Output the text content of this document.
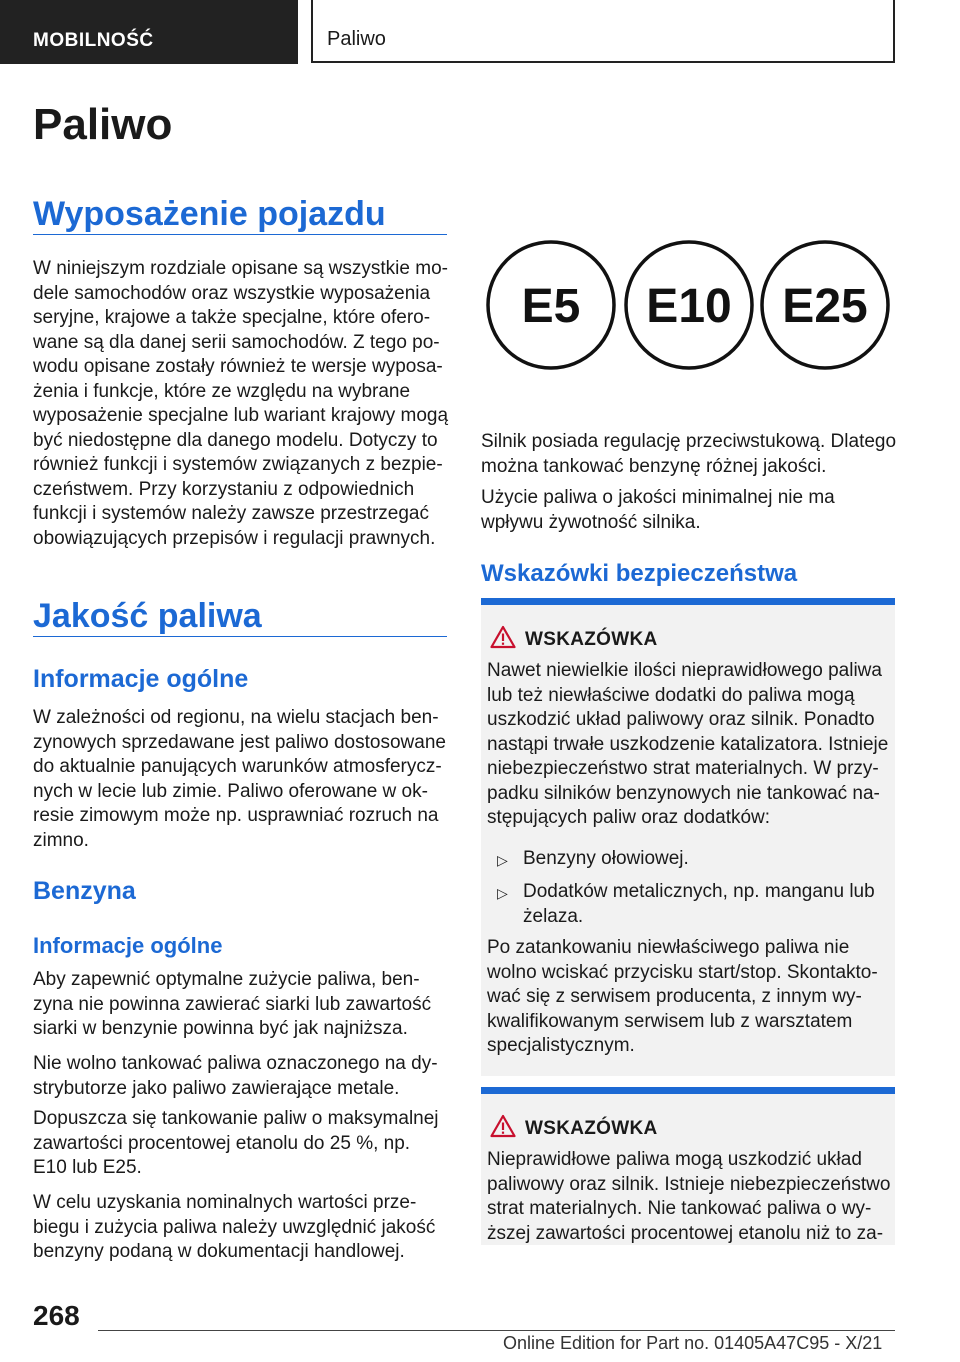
MOBILNOŚĆ	Paliwo
Paliwo
Wyposażenie pojazdu

W niniejszym rozdziale opisane są wszystkie mo-
dele samochodów oraz wszystkie wyposażenia
seryjne, krajowe a także specjalne, które ofero-
wane są dla danej serii samochodów. Z tego po-
wodu opisane zostały również te wersje wyposa-
żenia i funkcje, które ze względu na wybrane
wyposażenie specjalne lub wariant krajowy mogą
być niedostępne dla danego modelu. Dotyczy to
również funkcji i systemów związanych z bezpie-
czeństwem. Przy korzystaniu z odpowiednich
funkcji i systemów należy zawsze przestrzegać
obowiązujących przepisów i regulacji prawnych.

Jakość paliwa
Informacje ogólne

W zależności od regionu, na wielu stacjach ben-
zynowych sprzedawane jest paliwo dostosowane
do aktualnie panujących warunków atmosferycz-
nych w lecie lub zimie. Paliwo oferowane w ok-
resie zimowym może np. usprawniać rozruch na
zimno.

Benzyna
Informacje ogólne

Aby zapewnić optymalne zużycie paliwa, ben-
zyna nie powinna zawierać siarki lub zawartość
siarki w benzynie powinna być jak najniższa.

Nie wolno tankować paliwa oznaczonego na dy-
strybutorze jako paliwo zawierające metale.

Dopuszcza się tankowanie paliw o maksymalnej
zawartości procentowej etanolu do 25 %, np.
E10 lub E25.

W celu uzyskania nominalnych wartości prze-
biegu i zużycia paliwa należy uwzględnić jakość
benzyny podaną w dokumentacji handlowej.

E5 E10 E25

Silnik posiada regulację przeciwstukową. Dlatego
można tankować benzynę różnej jakości.

Użycie paliwa o jakości minimalnej nie ma
wpływu żywotność silnika.

Wskazówki bezpieczeństwa
WSKAZÓWKA

Nawet niewielkie ilości nieprawidłowego paliwa
lub też niewłaściwe dodatki do paliwa mogą
uszkodzić układ paliwowy oraz silnik. Ponadto
nastąpi trwałe uszkodzenie katalizatora. Istnieje
niebezpieczeństwo strat materialnych. W przy-
padku silników benzynowych nie tankować na-
stępujących paliw oraz dodatków:

▷ Benzyny ołowiowej.

▷ Dodatków metalicznych, np. manganu lub
żelaza.

Po zatankowaniu niewłaściwego paliwa nie
wolno wciskać przycisku start/stop. Skontakto-
wać się z serwisem producenta, z innym wy-
kwalifikowanym serwisem lub z warsztatem
specjalistycznym.

WSKAZÓWKA

Nieprawidłowe paliwa mogą uszkodzić układ
paliwowy oraz silnik. Istnieje niebezpieczeństwo
strat materialnych. Nie tankować paliwa o wy-
ższej zawartości procentowej etanolu niż to za-

268
Online Edition for Part no. 01405A47C95 - X/21
